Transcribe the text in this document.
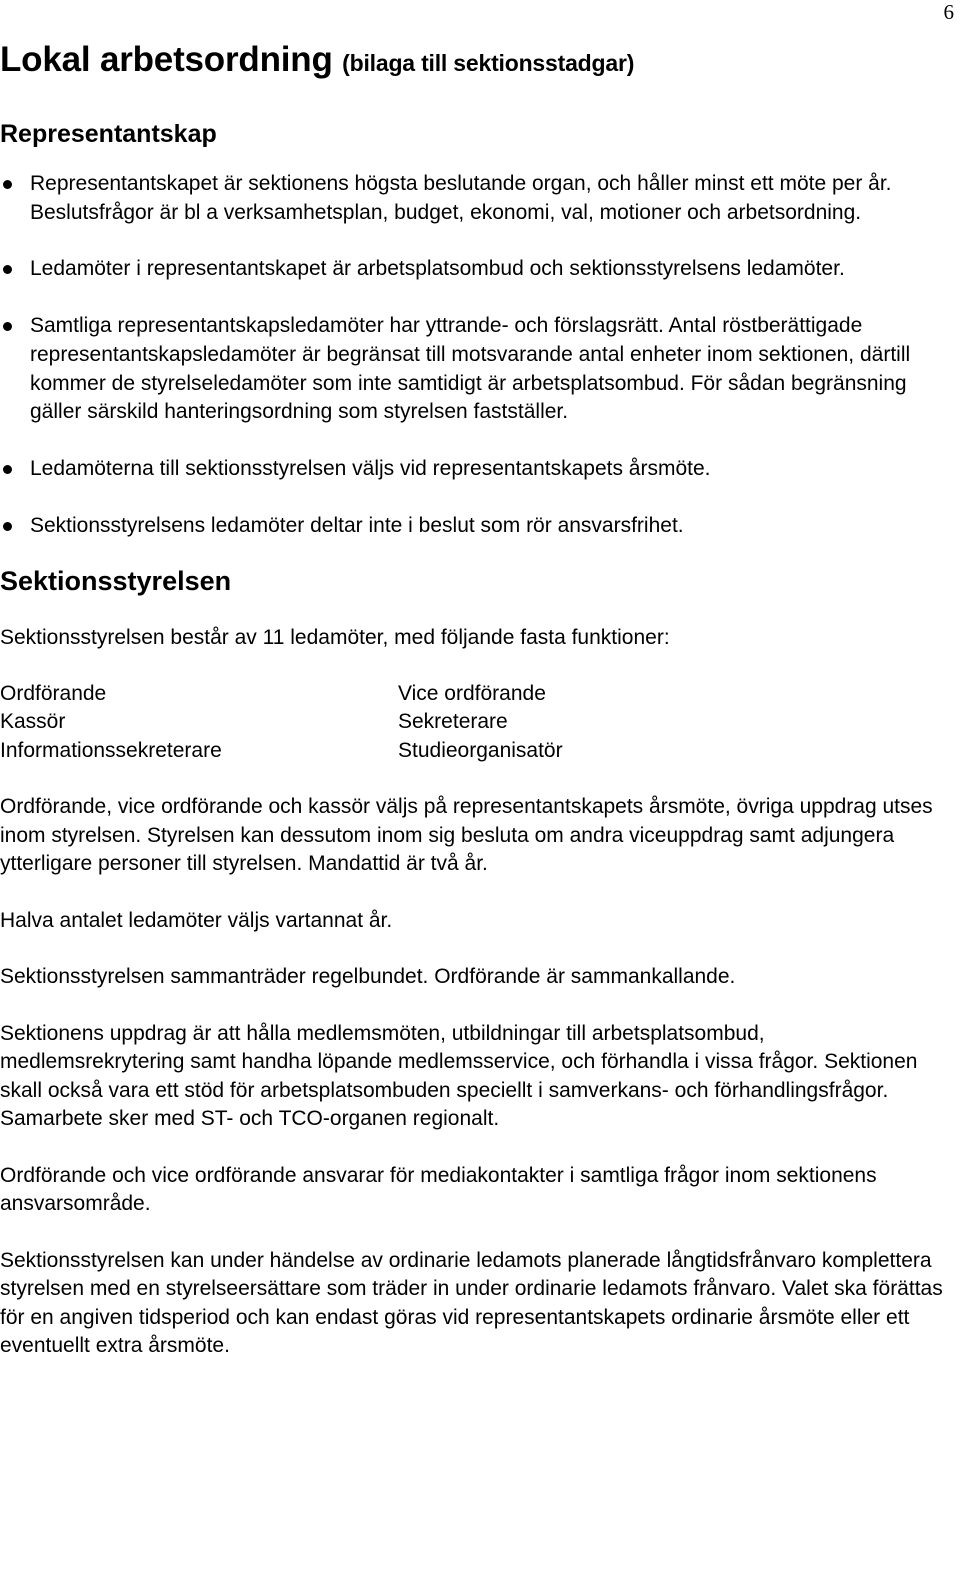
6
Lokal arbetsordning (bilaga till sektionsstadgar)
Representantskap
Representantskapet är sektionens högsta beslutande organ, och håller minst ett möte per år. Beslutsfrågor är bl a verksamhetsplan, budget, ekonomi, val, motioner och arbetsordning.
Ledamöter i representantskapet är arbetsplatsombud och sektionsstyrelsens ledamöter.
Samtliga representantskapsledamöter har yttrande- och förslagsrätt. Antal röstberättigade representantskapsledamöter är begränsat till motsvarande antal enheter inom sektionen, därtill kommer de styrelseledamöter som inte samtidigt är arbetsplatsombud. För sådan begränsning gäller särskild hanteringsordning som styrelsen fastställer.
Ledamöterna till sektionsstyrelsen väljs vid representantskapets årsmöte.
Sektionsstyrelsens ledamöter deltar inte i beslut som rör ansvarsfrihet.
Sektionsstyrelsen

Sektionsstyrelsen består av 11 ledamöter, med följande fasta funktioner:

Ordförande	Vice ordförande
Kassör	Sekreterare
Informationssekreterare	Studieorganisatör

Ordförande, vice ordförande och kassör väljs på representantskapets årsmöte, övriga uppdrag utses inom styrelsen. Styrelsen kan dessutom inom sig besluta om andra viceuppdrag samt adjungera ytterligare personer till styrelsen. Mandattid är två år.

Halva antalet ledamöter väljs vartannat år.

Sektionsstyrelsen sammanträder regelbundet. Ordförande är sammankallande.

Sektionens uppdrag är att hålla medlemsmöten, utbildningar till arbetsplatsombud, medlemsrekrytering samt handha löpande medlemsservice, och förhandla i vissa frågor. Sektionen skall också vara ett stöd för arbetsplatsombuden speciellt i samverkans- och förhandlingsfrågor. Samarbete sker med ST- och TCO-organen regionalt.

Ordförande och vice ordförande ansvarar för mediakontakter i samtliga frågor inom sektionens ansvarsområde.

Sektionsstyrelsen kan under händelse av ordinarie ledamots planerade långtidsfrånvaro komplettera styrelsen med en styrelseersättare som träder in under ordinarie ledamots frånvaro. Valet ska förättas för en angiven tidsperiod och kan endast göras vid representantskapets ordinarie årsmöte eller ett eventuellt extra årsmöte.
